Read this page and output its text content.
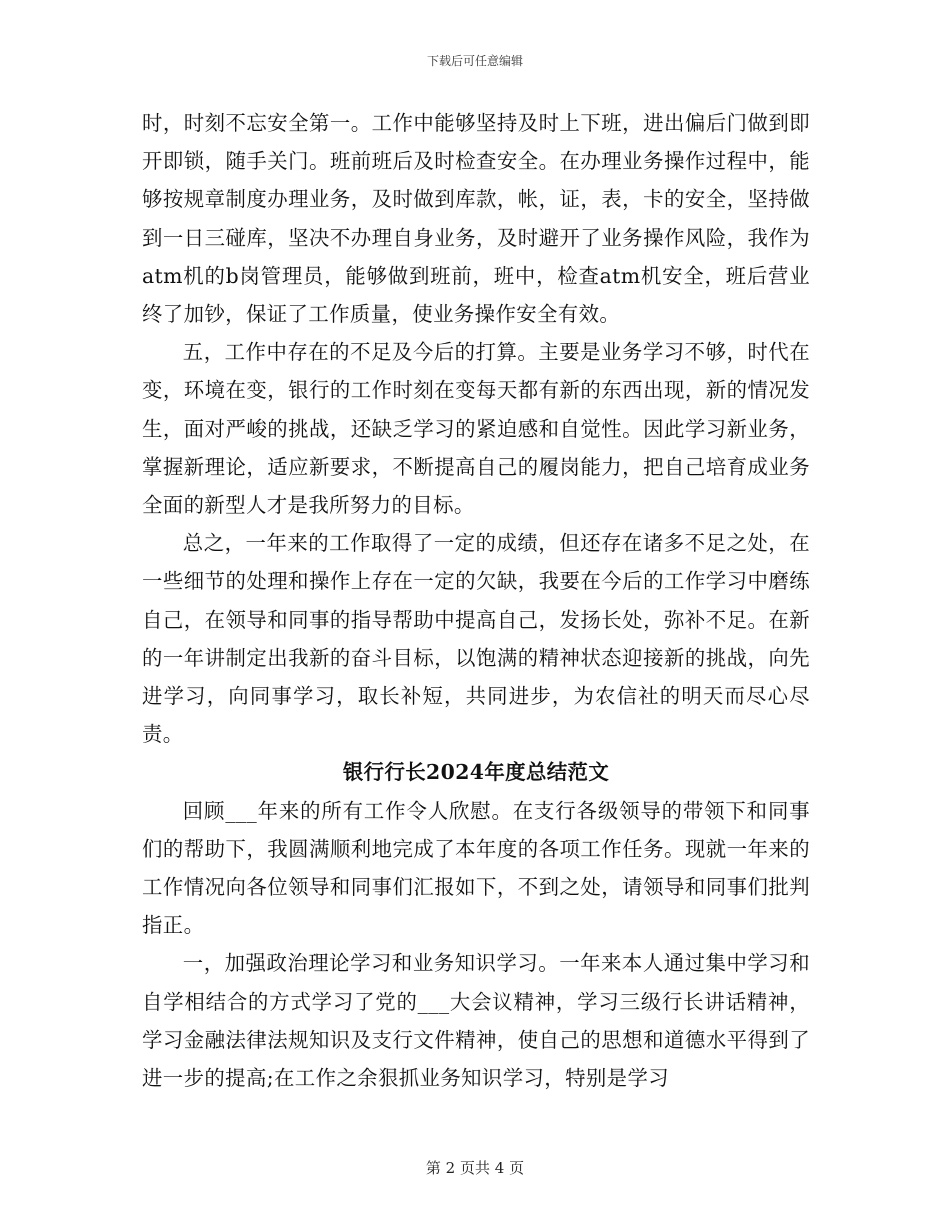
下载后可任意编辑

时，时刻不忘安全第一。工作中能够坚持及时上下班，进出偏后门做到即开即锁，随手关门。班前班后及时检查安全。在办理业务操作过程中，能够按规章制度办理业务，及时做到库款，帐，证，表，卡的安全，坚持做到一日三碰库，坚决不办理自身业务，及时避开了业务操作风险，我作为atm机的b岗管理员，能够做到班前，班中，检查atm机安全，班后营业终了加钞，保证了工作质量，使业务操作安全有效。

五，工作中存在的不足及今后的打算。主要是业务学习不够，时代在变，环境在变，银行的工作时刻在变每天都有新的东西出现，新的情况发生，面对严峻的挑战，还缺乏学习的紧迫感和自觉性。因此学习新业务，掌握新理论，适应新要求，不断提高自己的履岗能力，把自己培育成业务全面的新型人才是我所努力的目标。

总之，一年来的工作取得了一定的成绩，但还存在诸多不足之处，在一些细节的处理和操作上存在一定的欠缺，我要在今后的工作学习中磨练自己，在领导和同事的指导帮助中提高自己，发扬长处，弥补不足。在新的一年讲制定出我新的奋斗目标，以饱满的精神状态迎接新的挑战，向先进学习，向同事学习，取长补短，共同进步，为农信社的明天而尽心尽责。

银行行长2024年度总结范文

回顾___年来的所有工作令人欣慰。在支行各级领导的带领下和同事们的帮助下，我圆满顺利地完成了本年度的各项工作任务。现就一年来的工作情况向各位领导和同事们汇报如下，不到之处，请领导和同事们批判指正。

一，加强政治理论学习和业务知识学习。一年来本人通过集中学习和自学相结合的方式学习了党的___大会议精神，学习三级行长讲话精神，学习金融法律法规知识及支行文件精神，使自己的思想和道德水平得到了进一步的提高;在工作之余狠抓业务知识学习，特别是学习

第 2 页共 4 页
